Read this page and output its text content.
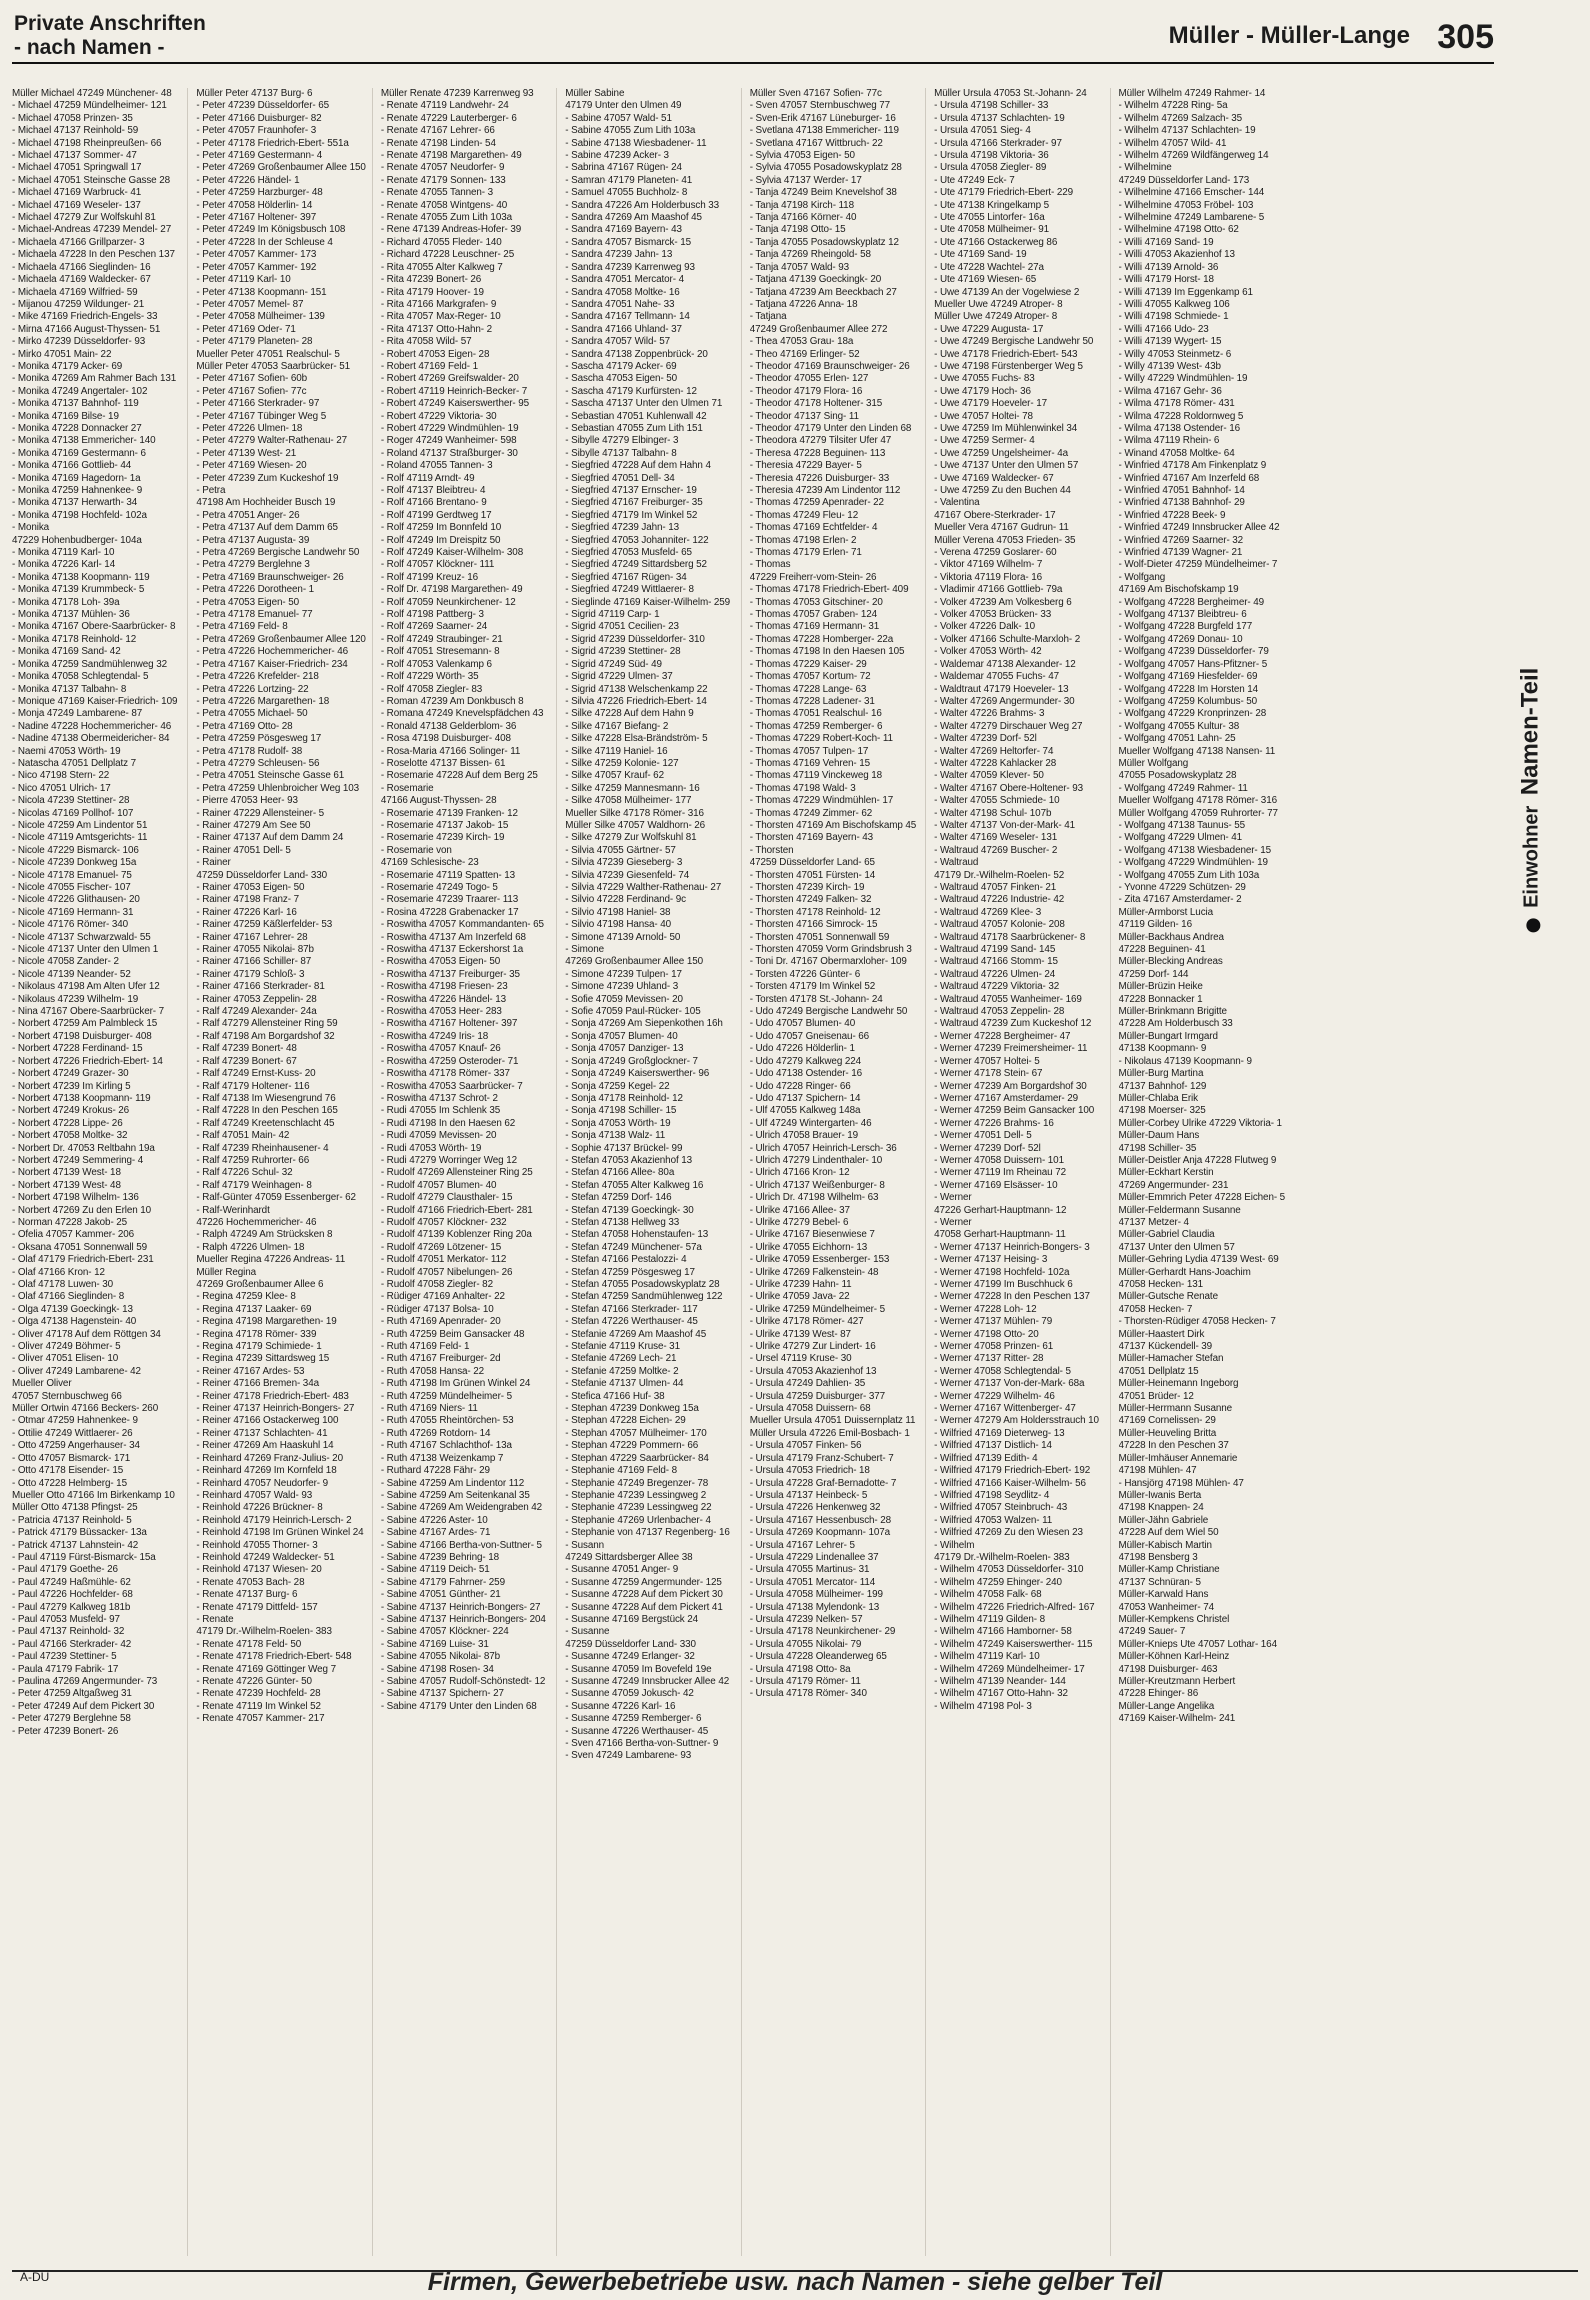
Private Anschriften
- nach Namen -	Müller - Müller-Lange 305
Müller Michael 47249 Münchener- 48
- Michael 47259 Mündelheimer- 121
- Michael 47058 Prinzen- 35
- Michael 47137 Reinhold- 59
- Michael 47198 Rheinpreußen- 66
- Michael 47137 Sommer- 47
- Michael 47051 Springwall 17
- Michael 47051 Steinsche Gasse 28
- Michael 47169 Warbruck- 41
- Michael 47169 Weseler- 137
- Michael 47279 Zur Wolfskuhl 81
- Michael-Andreas 47239 Mendel- 27
- Michaela 47166 Grillparzer- 3
- Michaela 47228 In den Peschen 137
- Michaela 47166 Sieglinden- 16
- Michaela 47169 Waldecker- 67
- Michaela 47169 Wilfried- 59
- Mijanou 47259 Wildunger- 21
- Mike 47169 Friedrich-Engels- 33
- Mirna 47166 August-Thyssen- 51
- Mirko 47239 Düsseldorfer- 93
- Mirko 47051 Main- 22
- Monika 47179 Acker- 69
- Monika 47269 Am Rahmer Bach 131
- Monika 47249 Angertaler- 102
- Monika 47137 Bahnhof- 119
- Monika 47169 Bilse- 19
- Monika 47228 Donnacker 27
- Monika 47138 Emmericher- 140
- Monika 47169 Gestermann- 6
- Monika 47166 Gottlieb- 44
- Monika 47169 Hagedorn- 1a
- Monika 47259 Hahnenkee- 9
- Monika 47137 Herwarth- 34
- Monika 47198 Hochfeld- 102a
- Monika
47229 Hohenbudberger- 104a
- Monika 47119 Karl- 10
- Monika 47226 Karl- 14
- Monika 47138 Koopmann- 119
- Monika 47139 Krummbeck- 5
- Monika 47178 Loh- 39a
- Monika 47137 Mühlen- 36
- Monika 47167 Obere-Saarbrücker- 8
- Monika 47178 Reinhold- 12
- Monika 47169 Sand- 42
- Monika 47259 Sandmühlenweg 32
- Monika 47058 Schlegtendal- 5
- Monika 47137 Talbahn- 8
- Monique 47169 Kaiser-Friedrich- 109
- Monja 47249 Lambarene- 87
- Nadine 47228 Hochemmericher- 46
- Nadine 47138 Obermeidericher- 84
- Naemi 47053 Wörth- 19
- Natascha 47051 Dellplatz 7
- Nico 47198 Stern- 22
- Nico 47051 Ulrich- 17
- Nicola 47239 Stettiner- 28
- Nicolas 47169 Pollhof- 107
- Nicole 47259 Am Lindentor 51
- Nicole 47119 Amtsgerichts- 11
- Nicole 47229 Bismarck- 106
- Nicole 47239 Donkweg 15a
- Nicole 47178 Emanuel- 75
- Nicole 47055 Fischer- 107
- Nicole 47226 Glithausen- 20
- Nicole 47169 Hermann- 31
- Nicole 47176 Römer- 340
- Nicole 47137 Schwarzwald- 55
- Nicole 47137 Unter den Ulmen 1
- Nicole 47058 Zander- 2
- Nicole 47139 Neander- 52
- Nikolaus 47198 Am Alten Ufer 12
- Nikolaus 47239 Wilhelm- 19
- Nina 47167 Obere-Saarbrücker- 7
- Norbert 47259 Am Palmbleck 15
- Norbert 47198 Duisburger- 408
- Norbert 47228 Ferdinand- 15
- Norbert 47226 Friedrich-Ebert- 14
- Norbert 47249 Grazer- 30
- Norbert 47239 Im Kirling 5
- Norbert 47138 Koopmann- 119
- Norbert 47249 Krokus- 26
- Norbert 47228 Lippe- 26
- Norbert 47058 Moltke- 32
- Norbert Dr. 47053 Reltbahn 19a
- Norbert 47249 Semmering- 4
- Norbert 47139 West- 18
- Norbert 47139 West- 48
- Norbert 47198 Wilhelm- 136
- Norbert 47269 Zu den Erlen 10
- Norman 47228 Jakob- 25
- Ofelia 47057 Kammer- 206
- Oksana 47051 Sonnenwall 59
- Olaf 47179 Friedrich-Ebert- 231
- Olaf 47166 Kron- 12
- Olaf 47178 Luwen- 30
- Olaf 47166 Sieglinden- 8
- Olga 47139 Goeckingk- 13
- Olga 47138 Hagenstein- 40
- Oliver 47178 Auf dem Röttgen 34
- Oliver 47249 Böhmer- 5
- Oliver 47051 Elisen- 10
- Oliver 47249 Lambarene- 42
Mueller Oliver
47057 Sternbuschweg 66
Müller Ortwin 47166 Beckers- 260
- Otmar 47259 Hahnenkee- 9
- Ottilie 47249 Wittlaerer- 26
- Otto 47259 Angerhauser- 34
- Otto 47057 Bismarck- 171
- Otto 47178 Eisender- 15
- Otto 47228 Helmberg- 15
Mueller Otto 47166 Im Birkenkamp 10
Müller Otto 47138 Pfingst- 25
- Patricia 47137 Reinhold- 5
- Patrick 47179 Büssacker- 13a
- Patrick 47137 Lahnstein- 42
- Paul 47119 Fürst-Bismarck- 15a
- Paul 47179 Goethe- 26
- Paul 47249 Haßmühle- 62
- Paul 47226 Hochfelder- 68
- Paul 47279 Kalkweg 181b
- Paul 47053 Musfeld- 97
- Paul 47137 Reinhold- 32
- Paul 47166 Sterkrader- 42
- Paul 47239 Stettiner- 5
- Paula 47179 Fabrik- 17
- Paulina 47269 Angermunder- 73
- Peter 47259 Altgaßweg 31
- Peter 47249 Auf dem Pickert 30
- Peter 47279 Berglehne 58
- Peter 47239 Bonert- 26
Müller Peter 47137 Burg- 6
- Peter 47239 Düsseldorfer- 65
- Peter 47166 Duisburger- 82
- Peter 47057 Fraunhofer- 3
- Peter 47178 Friedrich-Ebert- 551a
- Peter 47169 Gestermann- 4
- Peter 47269 Großenbaumer Allee 150
- Peter 47226 Händel- 1
- Peter 47259 Harzburger- 48
- Peter 47058 Hölderlin- 14
- Peter 47167 Holtener- 397
- Peter 47249 Im Königsbusch 108
- Peter 47228 In der Schleuse 4
- Peter 47057 Kammer- 173
- Peter 47057 Kammer- 192
- Peter 47119 Karl- 10
- Peter 47138 Koopmann- 151
- Peter 47057 Memel- 87
- Peter 47058 Mülheimer- 139
- Peter 47169 Oder- 71
- Peter 47179 Planeten- 28
Mueller Peter 47051 Realschul- 5
Müller Peter 47053 Saarbrücker- 51
- Peter 47167 Sofien- 60b
- Peter 47167 Sofien- 77c
- Peter 47166 Sterkrader- 97
- Peter 47167 Tübinger Weg 5
- Peter 47226 Ulmen- 18
- Peter 47279 Walter-Rathenau- 27
- Peter 47139 West- 21
- Peter 47169 Wiesen- 20
- Peter 47239 Zum Kuckeshof 19
- Petra
47198 Am Hochheider Busch 19
- Petra 47051 Anger- 26
- Petra 47137 Auf dem Damm 65
- Petra 47137 Augusta- 39
- Petra 47269 Bergische Landwehr 50
- Petra 47279 Berglehne 3
- Petra 47169 Braunschweiger- 26
- Petra 47226 Dorotheen- 1
- Petra 47053 Eigen- 50
- Petra 47178 Emanuel- 77
- Petra 47169 Feld- 8
- Petra 47269 Großenbaumer Allee 120
- Petra 47226 Hochemmericher- 46
- Petra 47167 Kaiser-Friedrich- 234
- Petra 47226 Krefelder- 218
- Petra 47226 Lortzing- 22
- Petra 47226 Margarethen- 18
- Petra 47055 Michael- 50
- Petra 47169 Otto- 28
- Petra 47259 Pösgesweg 17
- Petra 47178 Rudolf- 38
- Petra 47279 Schleusen- 56
- Petra 47051 Steinsche Gasse 61
- Petra 47259 Uhlenbroicher Weg 103
- Pierre 47053 Heer- 93
- Rainer 47229 Allensteiner- 5
- Rainer 47279 Am See 50
- Rainer 47137 Auf dem Damm 24
- Rainer 47051 Dell- 5
- Rainer
47259 Düsseldorfer Land- 330
- Rainer 47053 Eigen- 50
- Rainer 47198 Franz- 7
- Rainer 47226 Karl- 16
- Rainer 47259 Käßlerfelder- 53
- Rainer 47167 Lehrer- 28
- Rainer 47055 Nikolai- 87b
- Rainer 47166 Schiller- 87
- Rainer 47179 Schloß- 3
- Rainer 47166 Sterkrader- 81
- Rainer 47053 Zeppelin- 28
- Ralf 47249 Alexander- 24a
- Ralf 47279 Allensteiner Ring 59
- Ralf 47198 Am Borgardshof 32
- Ralf 47239 Bonert- 48
- Ralf 47239 Bonert- 67
- Ralf 47249 Ernst-Kuss- 20
- Ralf 47179 Holtener- 116
- Ralf 47138 Im Wiesengrund 76
- Ralf 47228 In den Peschen 165
- Ralf 47249 Kreetenschlacht 45
- Ralf 47051 Main- 42
- Ralf 47239 Rheinhausener- 4
- Ralf 47259 Ruhrorter- 66
- Ralf 47226 Schul- 32
- Ralf 47179 Weinhagen- 8
- Ralf-Günter 47059 Essenberger- 62
- Ralf-Werinhardt
47226 Hochemmericher- 46
- Ralph 47249 Am Strücksken 8
- Ralph 47226 Ulmen- 18
Mueller Regina 47226 Andreas- 11
Müller Regina
47269 Großenbaumer Allee 6
- Regina 47259 Klee- 8
- Regina 47137 Laaker- 69
- Regina 47198 Margarethen- 19
- Regina 47178 Römer- 339
- Regina 47179 Schimiede- 1
- Regina 47239 Sittardsweg 15
- Reiner 47167 Ardes- 53
- Reiner 47166 Bremen- 34a
- Reiner 47178 Friedrich-Ebert- 483
- Reiner 47137 Heinrich-Bongers- 27
- Reiner 47166 Ostackerweg 100
- Reiner 47137 Schlachten- 41
- Reiner 47269 Am Haaskuhl 14
- Reinhard 47269 Franz-Julius- 20
- Reinhard 47269 Im Kornfeld 18
- Reinhard 47057 Neudorfer- 9
- Reinhard 47057 Wald- 93
- Reinhold 47226 Brückner- 8
- Reinhold 47179 Heinrich-Lersch- 2
- Reinhold 47198 Im Grünen Winkel 24
- Reinhold 47055 Thorner- 3
- Reinhold 47249 Waldecker- 51
- Reinhold 47137 Wiesen- 20
- Renate 47053 Bach- 28
- Renate 47137 Burg- 6
- Renate 47179 Dittfeld- 157
- Renate
47179 Dr.-Wilhelm-Roelen- 383
- Renate 47178 Feld- 50
- Renate 47178 Friedrich-Ebert- 548
- Renate 47169 Göttinger Weg 7
- Renate 47226 Günter- 50
- Renate 47239 Hochfeld- 28
- Renate 47119 Im Winkel 52
- Renate 47057 Kammer- 217
Müller Renate 47239 Karrenweg 93
- Renate 47119 Landwehr- 24
- Renate 47229 Lauterberger- 6
- Renate 47167 Lehrer- 66
- Renate 47198 Linden- 54
- Renate 47198 Margarethen- 49
- Renate 47057 Neudorfer- 9
- Renate 47179 Sonnen- 133
- Renate 47055 Tannen- 3
- Renate 47058 Wintgens- 40
- Renate 47055 Zum Lith 103a
- Rene 47139 Andreas-Hofer- 39
- Richard 47055 Fleder- 140
- Richard 47228 Leuschner- 25
- Rita 47055 Alter Kalkweg 7
- Rita 47239 Bonert- 26
- Rita 47179 Hoover- 19
- Rita 47166 Markgrafen- 9
- Rita 47057 Max-Reger- 10
- Rita 47137 Otto-Hahn- 2
- Rita 47058 Wild- 57
- Robert 47053 Eigen- 28
- Robert 47169 Feld- 1
- Robert 47269 Greifswalder- 20
- Robert 47119 Heinrich-Becker- 7
- Robert 47249 Kaiserswerther- 95
- Robert 47229 Viktoria- 30
- Robert 47229 Windmühlen- 19
- Roger 47249 Wanheimer- 598
- Roland 47137 Straßburger- 30
- Roland 47055 Tannen- 3
- Rolf 47119 Arndt- 49
- Rolf 47137 Bleibtreu- 4
- Rolf 47166 Brentano- 9
- Rolf 47199 Gerdtweg 17
- Rolf 47259 Im Bonnfeld 10
- Rolf 47249 Im Dreispitz 50
- Rolf 47249 Kaiser-Wilhelm- 308
- Rolf 47057 Klöckner- 111
- Rolf 47199 Kreuz- 16
- Rolf Dr. 47198 Margarethen- 49
- Rolf 47059 Neunkirchener- 12
- Rolf 47198 Pattberg- 3
- Rolf 47269 Saarner- 24
- Rolf 47249 Straubinger- 21
- Rolf 47051 Stresemann- 8
- Rolf 47053 Valenkamp 6
- Rolf 47229 Wörth- 35
- Rolf 47058 Ziegler- 83
- Roman 47239 Am Donkbusch 8
- Romana 47249 Knevelspfädchen 43
- Ronald 47138 Gelderblom- 36
- Rosa 47198 Duisburger- 408
- Rosa-Maria 47166 Solinger- 11
- Roselotte 47137 Bissen- 61
- Rosemarie 47228 Auf dem Berg 25
- Rosemarie
47166 August-Thyssen- 28
- Rosemarie 47139 Franken- 12
- Rosemarie 47137 Jakob- 15
- Rosemarie 47239 Kirch- 19
- Rosemarie von
47169 Schlesische- 23
- Rosemarie 47119 Spatten- 13
- Rosemarie 47249 Togo- 5
- Rosemarie 47239 Traarer- 113
- Rosina 47228 Grabenacker 17
- Roswitha 47057 Kommandanten- 65
- Roswitha 47137 Am Inzerfeld 68
- Roswitha 47137 Eckershorst 1a
- Roswitha 47053 Eigen- 50
- Roswitha 47137 Freiburger- 35
- Roswitha 47198 Friesen- 23
- Roswitha 47226 Händel- 13
- Roswitha 47053 Heer- 283
- Roswitha 47167 Holtener- 397
- Roswitha 47249 Iris- 18
- Roswitha 47057 Knauf- 26
- Roswitha 47259 Osteroder- 71
- Roswitha 47178 Römer- 337
- Roswitha 47053 Saarbrücker- 7
- Roswitha 47137 Schrot- 2
- Rudi 47055 Im Schlenk 35
- Rudi 47198 In den Haesen 62
- Rudi 47059 Mevissen- 20
- Rudi 47053 Wörth- 19
- Rudi 47279 Worringer Weg 12
- Rudolf 47269 Allensteiner Ring 25
- Rudolf 47057 Blumen- 40
- Rudolf 47279 Clausthaler- 15
- Rudolf 47166 Friedrich-Ebert- 281
- Rudolf 47057 Klöckner- 232
- Rudolf 47139 Koblenzer Ring 20a
- Rudolf 47269 Lötzener- 15
- Rudolf 47051 Merkator- 112
- Rudolf 47057 Nibelungen- 26
- Rudolf 47058 Ziegler- 82
- Rüdiger 47169 Anhalter- 22
- Rüdiger 47137 Bolsa- 10
- Ruth 47169 Apenrader- 20
- Ruth 47259 Beim Gansacker 48
- Ruth 47169 Feld- 1
- Ruth 47167 Freiburger- 2d
- Ruth 47058 Hansa- 22
- Ruth 47198 Im Grünen Winkel 24
- Ruth 47259 Mündelheimer- 5
- Ruth 47169 Niers- 11
- Ruth 47055 Rheintörchen- 53
- Ruth 47269 Rotdorn- 14
- Ruth 47167 Schlachthof- 13a
- Ruth 47138 Weizenkamp 7
- Ruthard 47228 Fähr- 29
- Sabine 47259 Am Lindentor 112
- Sabine 47259 Am Seitenkanal 35
- Sabine 47269 Am Weidengraben 42
- Sabine 47226 Aster- 10
- Sabine 47167 Ardes- 71
- Sabine 47166 Bertha-von-Suttner- 5
- Sabine 47239 Behring- 18
- Sabine 47119 Deich- 51
- Sabine 47179 Fahrner- 259
- Sabine 47051 Günther- 21
- Sabine 47137 Heinrich-Bongers- 27
- Sabine 47137 Heinrich-Bongers- 204
- Sabine 47057 Klöckner- 224
- Sabine 47169 Luise- 31
- Sabine 47055 Nikolai- 87b
- Sabine 47198 Rosen- 34
- Sabine 47057 Rudolf-Schönstedt- 12
- Sabine 47137 Spichern- 27
- Sabine 47179 Unter den Linden 68
Müller Sabine
47179 Unter den Ulmen 49
- Sabine 47057 Wald- 51
- Sabine 47055 Zum Lith 103a
- Sabine 47138 Wiesbadener- 11
- Sabine 47239 Acker- 3
- Sabrina 47167 Rügen- 24
- Samran 47179 Planeten- 41
- Samuel 47055 Buchholz- 8
- Sandra 47226 Am Holderbusch 33
- Sandra 47269 Am Maashof 45
- Sandra 47169 Bayern- 43
- Sandra 47057 Bismarck- 15
- Sandra 47239 Jahn- 13
- Sandra 47239 Karrenweg 93
- Sandra 47051 Mercator- 4
- Sandra 47058 Moltke- 16
- Sandra 47051 Nahe- 33
- Sandra 47167 Tellmann- 14
- Sandra 47166 Uhland- 37
- Sandra 47057 Wild- 57
- Sandra 47138 Zoppenbrück- 20
- Sascha 47179 Acker- 69
- Sascha 47053 Eigen- 50
- Sascha 47179 Kurfürsten- 12
- Sascha 47137 Unter den Ulmen 71
- Sebastian 47051 Kuhlenwall 42
- Sebastian 47055 Zum Lith 151
- Sibylle 47279 Elbinger- 3
- Sibylle 47137 Talbahn- 8
- Siegfried 47228 Auf dem Hahn 4
- Siegfried 47051 Dell- 34
- Siegfried 47137 Ernscher- 19
- Siegfried 47167 Freiburger- 35
- Siegfried 47179 Im Winkel 52
- Siegfried 47239 Jahn- 13
- Siegfried 47053 Johanniter- 122
- Siegfried 47053 Musfeld- 65
- Siegfried 47249 Sittardsberg 52
- Siegfried 47167 Rügen- 34
- Siegfried 47249 Wittlaerer- 8
- Sieglinde 47169 Kaiser-Wilhelm- 259
- Sigrid 47119 Carp- 1
- Sigrid 47051 Cecilien- 23
- Sigrid 47239 Düsseldorfer- 310
- Sigrid 47239 Stettiner- 28
- Sigrid 47249 Süd- 49
- Sigrid 47229 Ulmen- 37
- Sigrid 47138 Welschenkamp 22
- Silvia 47226 Friedrich-Ebert- 14
- Silke 47228 Auf dem Hahn 9
- Silke 47167 Biefang- 2
- Silke 47228 Elsa-Brändström- 5
- Silke 47119 Haniel- 16
- Silke 47259 Kolonie- 127
- Silke 47057 Krauf- 62
- Silke 47259 Mannesmann- 16
- Silke 47058 Mülheimer- 177
Mueller Silke 47178 Römer- 316
Müller Silke 47057 Waldhorn- 26
- Silke 47279 Zur Wolfskuhl 81
- Silvia 47055 Gärtner- 57
- Silvia 47239 Gieseberg- 3
- Silvia 47239 Giesenfeld- 74
- Silvia 47229 Walther-Rathenau- 27
- Silvio 47228 Ferdinand- 9c
- Silvio 47198 Haniel- 38
- Silvio 47198 Hansa- 40
- Simone 47139 Arnold- 50
- Simone
47269 Großenbaumer Allee 150
- Simone 47239 Tulpen- 17
- Simone 47239 Uhland- 3
- Sofie 47059 Mevissen- 20
- Sofie 47059 Paul-Rücker- 105
- Sonja 47269 Am Siepenkothen 16h
- Sonja 47057 Blumen- 40
- Sonja 47057 Danziger- 13
- Sonja 47249 Großglockner- 7
- Sonja 47249 Kaiserswerther- 96
- Sonja 47259 Kegel- 22
- Sonja 47178 Reinhold- 12
- Sonja 47198 Schiller- 15
- Sonja 47053 Wörth- 19
- Sonja 47138 Walz- 11
- Sophie 47137 Brückel- 99
- Stefan 47053 Akazienhof 13
- Stefan 47166 Allee- 80a
- Stefan 47055 Alter Kalkweg 16
- Stefan 47259 Dorf- 146
- Stefan 47139 Goeckingk- 30
- Stefan 47138 Hellweg 33
- Stefan 47058 Hohenstaufen- 13
- Stefan 47249 Münchener- 57a
- Stefan 47166 Pestalozzi- 4
- Stefan 47259 Pösgesweg 17
- Stefan 47055 Posadowskyplatz 28
- Stefan 47259 Sandmühlenweg 122
- Stefan 47166 Sterkrader- 117
- Stefan 47226 Werthauser- 45
- Stefanie 47269 Am Maashof 45
- Stefanie 47119 Kruse- 31
- Stefanie 47269 Lech- 21
- Stefanie 47259 Moltke- 2
- Stefanie 47137 Ulmen- 44
- Stefica 47166 Huf- 38
- Stephan 47239 Donkweg 15a
- Stephan 47228 Eichen- 29
- Stephan 47057 Mülheimer- 170
- Stephan 47229 Pommern- 66
- Stephan 47229 Saarbrücker- 84
- Stephanie 47169 Feld- 8
- Stephanie 47249 Bregenzer- 78
- Stephanie 47239 Lessingweg 2
- Stephanie 47239 Lessingweg 22
- Stephanie 47269 Urlenbacher- 4
- Stephanie von 47137 Regenberg- 16
- Susann
47249 Sittardsberger Allee 38
- Susanne 47051 Anger- 9
- Susanne 47259 Angermunder- 125
- Susanne 47228 Auf dem Pickert 30
- Susanne 47228 Auf dem Pickert 41
- Susanne 47169 Bergstück 24
- Susanne
47259 Düsseldorfer Land- 330
- Susanne 47249 Erlanger- 32
- Susanne 47059 Im Bovefeld 19e
- Susanne 47249 Innsbrucker Allee 42
- Susanne 47059 Jokusch- 42
- Susanne 47226 Karl- 16
- Susanne 47259 Remberger- 6
- Susanne 47226 Werthauser- 45
- Sven 47166 Bertha-von-Suttner- 9
- Sven 47249 Lambarene- 93
Müller Sven 47167 Sofien- 77c
- Sven 47057 Sternbuschweg 77
- Sven-Erik 47167 Lüneburger- 16
- Svetlana 47138 Emmericher- 119
- Svetlana 47167 Wittbruch- 22
- Sylvia 47053 Eigen- 50
- Sylvia 47055 Posadowskyplatz 28
- Sylvia 47137 Werder- 17
- Tanja 47249 Beim Knevelshof 38
- Tanja 47198 Kirch- 118
- Tanja 47166 Körner- 40
- Tanja 47198 Otto- 15
- Tanja 47055 Posadowskyplatz 12
- Tanja 47269 Rheingold- 58
- Tanja 47057 Wald- 93
- Tatjana 47139 Goeckingk- 20
- Tatjana 47239 Am Beeckbach 27
- Tatjana 47226 Anna- 18
- Tatjana
47249 Großenbaumer Allee 272
- Thea 47053 Grau- 18a
- Theo 47169 Erlinger- 52
- Theodor 47169 Braunschweiger- 26
- Theodor 47055 Erlen- 127
- Theodor 47179 Flora- 16
- Theodor 47178 Holtener- 315
- Theodor 47137 Sing- 11
- Theodor 47179 Unter den Linden 68
- Theodora 47279 Tilsiter Ufer 47
- Theresa 47228 Beguinen- 113
- Theresia 47229 Bayer- 5
- Theresia 47226 Duisburger- 33
- Theresia 47239 Am Lindentor 112
- Thomas 47259 Apenrader- 22
- Thomas 47249 Fleu- 12
- Thomas 47169 Echtfelder- 4
- Thomas 47198 Erlen- 2
- Thomas 47179 Erlen- 71
- Thomas
47229 Freiherr-vom-Stein- 26
- Thomas 47178 Friedrich-Ebert- 409
- Thomas 47053 Gitschiner- 20
- Thomas 47057 Graben- 124
- Thomas 47169 Hermann- 31
- Thomas 47228 Homberger- 22a
- Thomas 47198 In den Haesen 105
- Thomas 47229 Kaiser- 29
- Thomas 47057 Kortum- 72
- Thomas 47228 Lange- 63
- Thomas 47228 Ladener- 31
- Thomas 47051 Realschul- 16
- Thomas 47259 Remberger- 6
- Thomas 47229 Robert-Koch- 11
- Thomas 47057 Tulpen- 17
- Thomas 47169 Vehren- 15
- Thomas 47119 Vinckeweg 18
- Thomas 47198 Wald- 3
- Thomas 47229 Windmühlen- 17
- Thomas 47249 Zimmer- 62
- Thorsten 47169 Am Bischofskamp 45
- Thorsten 47169 Bayern- 43
- Thorsten
47259 Düsseldorfer Land- 65
- Thorsten 47051 Fürsten- 14
- Thorsten 47239 Kirch- 19
- Thorsten 47249 Falken- 32
- Thorsten 47178 Reinhold- 12
- Thorsten 47166 Simrock- 15
- Thorsten 47051 Sonnenwall 59
- Thorsten 47059 Vorm Grindsbrush 3
- Toni Dr. 47167 Obermarxloher- 109
- Torsten 47226 Günter- 6
- Torsten 47179 Im Winkel 52
- Torsten 47178 St.-Johann- 24
- Udo 47249 Bergische Landwehr 50
- Udo 47057 Blumen- 40
- Udo 47057 Gneisenau- 66
- Udo 47226 Hölderlin- 1
- Udo 47279 Kalkweg 224
- Udo 47138 Ostender- 16
- Udo 47228 Ringer- 66
- Udo 47137 Spichern- 14
- Ulf 47055 Kalkweg 148a
- Ulf 47249 Wintergarten- 46
- Ulrich 47058 Brauer- 19
- Ulrich 47057 Heinrich-Lersch- 36
- Ulrich 47279 Lindenthaler- 10
- Ulrich 47166 Kron- 12
- Ulrich 47137 Weißenburger- 8
- Ulrich Dr. 47198 Wilhelm- 63
- Ulrike 47166 Allee- 37
- Ulrike 47279 Bebel- 6
- Ulrike 47167 Biesenwiese 7
- Ulrike 47055 Eichhorn- 13
- Ulrike 47059 Essenberger- 153
- Ulrike 47269 Falkenstein- 48
- Ulrike 47239 Hahn- 11
- Ulrike 47059 Java- 22
- Ulrike 47259 Mündelheimer- 5
- Ulrike 47178 Römer- 427
- Ulrike 47139 West- 87
- Ulrike 47279 Zur Lindert- 16
- Ursel 47119 Kruse- 30
- Ursula 47053 Akazienhof 13
- Ursula 47249 Dahlien- 35
- Ursula 47259 Duisburger- 377
- Ursula 47058 Duissern- 68
Mueller Ursula 47051 Duissernplatz 11
Müller Ursula 47226 Emil-Bosbach- 1
- Ursula 47057 Finken- 56
- Ursula 47179 Franz-Schubert- 7
- Ursula 47053 Friedrich- 18
- Ursula 47228 Graf-Bernadotte- 7
- Ursula 47137 Heinbeck- 5
- Ursula 47226 Henkenweg 32
- Ursula 47167 Hessenbusch- 28
- Ursula 47269 Koopmann- 107a
- Ursula 47167 Lehrer- 5
- Ursula 47229 Lindenallee 37
- Ursula 47055 Martinus- 31
- Ursula 47051 Mercator- 114
- Ursula 47058 Mülheimer- 199
- Ursula 47138 Mylendonk- 13
- Ursula 47239 Nelken- 57
- Ursula 47178 Neunkirchener- 29
- Ursula 47055 Nikolai- 79
- Ursula 47228 Oleanderweg 65
- Ursula 47198 Otto- 8a
- Ursula 47179 Römer- 11
- Ursula 47178 Römer- 340
Müller Ursula 47053 St.-Johann- 24
- Ursula 47198 Schiller- 33
- Ursula 47137 Schlachten- 19
- Ursula 47051 Sieg- 4
- Ursula 47166 Sterkrader- 97
- Ursula 47198 Viktoria- 36
- Ursula 47058 Ziegler- 89
- Ute 47249 Eck- 7
- Ute 47179 Friedrich-Ebert- 229
- Ute 47138 Kringelkamp 5
- Ute 47055 Lintorfer- 16a
- Ute 47058 Mülheimer- 91
- Ute 47166 Ostackerweg 86
- Ute 47169 Sand- 19
- Ute 47228 Wachtel- 27a
- Ute 47169 Wiesen- 65
- Uwe 47139 An der Vogelwiese 2
Mueller Uwe 47249 Atroper- 8
Müller Uwe 47249 Atroper- 8
- Uwe 47229 Augusta- 17
- Uwe 47249 Bergische Landwehr 50
- Uwe 47178 Friedrich-Ebert- 543
- Uwe 47198 Fürstenberger Weg 5
- Uwe 47055 Fuchs- 83
- Uwe 47179 Hoch- 36
- Uwe 47179 Hoeveler- 17
- Uwe 47057 Holtei- 78
- Uwe 47259 Im Mühlenwinkel 34
- Uwe 47259 Sermer- 4
- Uwe 47259 Ungelsheimer- 4a
- Uwe 47137 Unter den Ulmen 57
- Uwe 47169 Waldecker- 67
- Uwe 47259 Zu den Buchen 44
- Valentina
47167 Obere-Sterkrader- 17
Mueller Vera 47167 Gudrun- 11
Müller Verena 47053 Frieden- 35
- Verena 47259 Goslarer- 60
- Viktor 47169 Wilhelm- 7
- Viktoria 47119 Flora- 16
- Vladimir 47166 Gottlieb- 79a
- Volker 47239 Am Volkesberg 6
- Volker 47053 Brücken- 33
- Volker 47226 Dalk- 10
- Volker 47166 Schulte-Marxloh- 2
- Volker 47053 Wörth- 42
- Waldemar 47138 Alexander- 12
- Waldemar 47055 Fuchs- 47
- Waldtraut 47179 Hoeveler- 13
- Walter 47269 Angermunder- 30
- Walter 47226 Brahms- 3
- Walter 47279 Dirschauer Weg 27
- Walter 47239 Dorf- 52l
- Walter 47269 Heltorfer- 74
- Walter 47228 Kahlacker 28
- Walter 47059 Klever- 50
- Walter 47167 Obere-Holtener- 93
- Walter 47055 Schmiede- 10
- Walter 47198 Schul- 107b
- Walter 47137 Von-der-Mark- 41
- Walter 47169 Weseler- 131
- Waltraud 47269 Buscher- 2
- Waltraud
47179 Dr.-Wilhelm-Roelen- 52
- Waltraud 47057 Finken- 21
- Waltraud 47226 Industrie- 42
- Waltraud 47269 Klee- 3
- Waltraud 47057 Kolonie- 208
- Waltraud 47178 Saarbrückener- 8
- Waltraud 47199 Sand- 145
- Waltraud 47166 Stomm- 15
- Waltraud 47226 Ulmen- 24
- Waltraud 47229 Viktoria- 32
- Waltraud 47055 Wanheimer- 169
- Waltraud 47053 Zeppelin- 28
- Waltraud 47239 Zum Kuckeshof 12
- Werner 47228 Bergheimer- 47
- Werner 47239 Freimersheimer- 11
- Werner 47057 Holtei- 5
- Werner 47178 Stein- 67
- Werner 47239 Am Borgardshof 30
- Werner 47167 Amsterdamer- 29
- Werner 47259 Beim Gansacker 100
- Werner 47226 Brahms- 16
- Werner 47051 Dell- 5
- Werner 47239 Dorf- 52l
- Werner 47058 Duissern- 101
- Werner 47119 Im Rheinau 72
- Werner 47169 Elsässer- 10
- Werner
47226 Gerhart-Hauptmann- 12
- Werner
47058 Gerhart-Hauptmann- 11
- Werner 47137 Heinrich-Bongers- 3
- Werner 47137 Heising- 3
- Werner 47198 Hochfeld- 102a
- Werner 47199 Im Buschhuck 6
- Werner 47228 In den Peschen 137
- Werner 47228 Loh- 12
- Werner 47137 Mühlen- 79
- Werner 47198 Otto- 20
- Werner 47058 Prinzen- 61
- Werner 47137 Ritter- 28
- Werner 47058 Schlegtendal- 5
- Werner 47137 Von-der-Mark- 68a
- Werner 47229 Wilhelm- 46
- Werner 47167 Wittenberger- 47
- Werner 47279 Am Holdersstrauch 10
- Wilfried 47169 Dieterweg- 13
- Wilfried 47137 Distlich- 14
- Wilfried 47139 Edith- 4
- Wilfried 47179 Friedrich-Ebert- 192
- Wilfried 47166 Kaiser-Wilhelm- 56
- Wilfried 47198 Seydlitz- 4
- Wilfried 47057 Steinbruch- 43
- Wilfried 47053 Walzen- 11
- Wilfried 47269 Zu den Wiesen 23
- Wilhelm
47179 Dr.-Wilhelm-Roelen- 383
- Wilhelm 47053 Düsseldorfer- 310
- Wilhelm 47259 Ehinger- 240
- Wilhelm 47058 Falk- 68
- Wilhelm 47226 Friedrich-Alfred- 167
- Wilhelm 47119 Gilden- 8
- Wilhelm 47166 Hamborner- 58
- Wilhelm 47249 Kaiserswerther- 115
- Wilhelm 47119 Karl- 10
- Wilhelm 47269 Mündelheimer- 17
- Wilhelm 47139 Neander- 144
- Wilhelm 47167 Otto-Hahn- 32
- Wilhelm 47198 Pol- 3
Müller Wilhelm 47249 Rahmer- 14
- Wilhelm 47228 Ring- 5a
- Wilhelm 47269 Salzach- 35
- Wilhelm 47137 Schlachten- 19
- Wilhelm 47057 Wild- 41
- Wilhelm 47269 Wildfängerweg 14
- Wilhelmine
47249 Düsseldorfer Land- 173
- Wilhelmine 47166 Emscher- 144
- Wilhelmine 47053 Fröbel- 103
- Wilhelmine 47249 Lambarene- 5
- Wilhelmine 47198 Otto- 62
- Willi 47169 Sand- 19
- Willi 47053 Akazienhof 13
- Willi 47139 Arnold- 36
- Willi 47179 Horst- 18
- Willi 47139 Im Eggenkamp 61
- Willi 47055 Kalkweg 106
- Willi 47198 Schmiede- 1
- Willi 47166 Udo- 23
- Willi 47139 Wygert- 15
- Willy 47053 Steinmetz- 6
- Willy 47139 West- 43b
- Willy 47229 Windmühlen- 19
- Wilma 47167 Gehr- 36
- Wilma 47178 Römer- 431
- Wilma 47228 Roldornweg 5
- Wilma 47138 Ostender- 16
- Wilma 47119 Rhein- 6
- Winand 47058 Moltke- 64
- Winfried 47178 Am Finkenplatz 9
- Winfried 47167 Am Inzerfeld 68
- Winfried 47051 Bahnhof- 14
- Winfried 47138 Bahnhof- 29
- Winfried 47228 Beek- 9
- Winfried 47249 Innsbrucker Allee 42
- Winfried 47269 Saarner- 32
- Winfried 47139 Wagner- 21
- Wolf-Dieter 47259 Mündelheimer- 7
- Wolfgang
47169 Am Bischofskamp 19
- Wolfgang 47228 Bergheimer- 49
- Wolfgang 47137 Bleibtreu- 6
- Wolfgang 47228 Burgfeld 177
- Wolfgang 47269 Donau- 10
- Wolfgang 47239 Düsseldorfer- 79
- Wolfgang 47057 Hans-Pfitzner- 5
- Wolfgang 47169 Hiesfelder- 69
- Wolfgang 47228 Im Horsten 14
- Wolfgang 47259 Kolumbus- 50
- Wolfgang 47229 Kronprinzen- 28
- Wolfgang 47055 Kultur- 38
- Wolfgang 47051 Lahn- 25
Mueller Wolfgang 47138 Nansen- 11
Müller Wolfgang
47055 Posadowskyplatz 28
- Wolfgang 47249 Rahmer- 11
Mueller Wolfgang 47178 Römer- 316
Müller Wolfgang 47059 Ruhrorter- 77
- Wolfgang 47138 Taunus- 55
- Wolfgang 47229 Ulmen- 41
- Wolfgang 47138 Wiesbadener- 15
- Wolfgang 47229 Windmühlen- 19
- Wolfgang 47055 Zum Lith 103a
- Yvonne 47229 Schützen- 29
- Zita 47167 Amsterdamer- 2
Müller-Armborst Lucia
47119 Gilden- 16
Müller-Backhaus Andrea
47228 Beguinen- 41
Müller-Blecking Andreas
47259 Dorf- 144
Müller-Brüzin Heike
47228 Bonnacker 1
Müller-Brinkmann Brigitte
47228 Am Holderbusch 33
Müller-Bungart Irmgard
47138 Koopmann- 9
- Nikolaus 47139 Koopmann- 9
Müller-Burg Martina
47137 Bahnhof- 129
Müller-Chlaba Erik
47198 Moerser- 325
Müller-Corbey Ulrike 47229 Viktoria- 1
Müller-Daum Hans
47198 Schiller- 35
Müller-Deistler Anja 47228 Flutweg 9
Müller-Eckhart Kerstin
47269 Angermunder- 231
Müller-Emmrich Peter 47228 Eichen- 5
Müller-Feldermann Susanne
47137 Metzer- 4
Müller-Gabriel Claudia
47137 Unter den Ulmen 57
Müller-Gehring Lydia 47139 West- 69
Müller-Gerhardt Hans-Joachim
47058 Hecken- 131
Müller-Gutsche Renate
47058 Hecken- 7
- Thorsten-Rüdiger 47058 Hecken- 7
Müller-Haastert Dirk
47137 Kückendell- 39
Müller-Hamacher Stefan
47051 Dellplatz 15
Müller-Heinemann Ingeborg
47051 Brüder- 12
Müller-Herrmann Susanne
47169 Cornelissen- 29
Müller-Heuveling Britta
47228 In den Peschen 37
Müller-Imhäuser Annemarie
47198 Mühlen- 47
- Hansjörg 47198 Mühlen- 47
Müller-Iwanis Berta
47198 Knappen- 24
Müller-Jähn Gabriele
47228 Auf dem Wiel 50
Müller-Kabisch Martin
47198 Bensberg 3
Müller-Kamp Christiane
47137 Schnüran- 5
Müller-Karwald Hans
47053 Wanheimer- 74
Müller-Kempkens Christel
47249 Sauer- 7
Müller-Knieps Ute 47057 Lothar- 164
Müller-Köhnen Karl-Heinz
47198 Duisburger- 463
Müller-Kreutzmann Herbert
47228 Ehinger- 86
Müller-Lange Angelika
47169 Kaiser-Wilhelm- 241
Einwohner Namen-Teil
Firmen, Gewerbebetriebe usw. nach Namen - siehe gelber Teil
A-DU
